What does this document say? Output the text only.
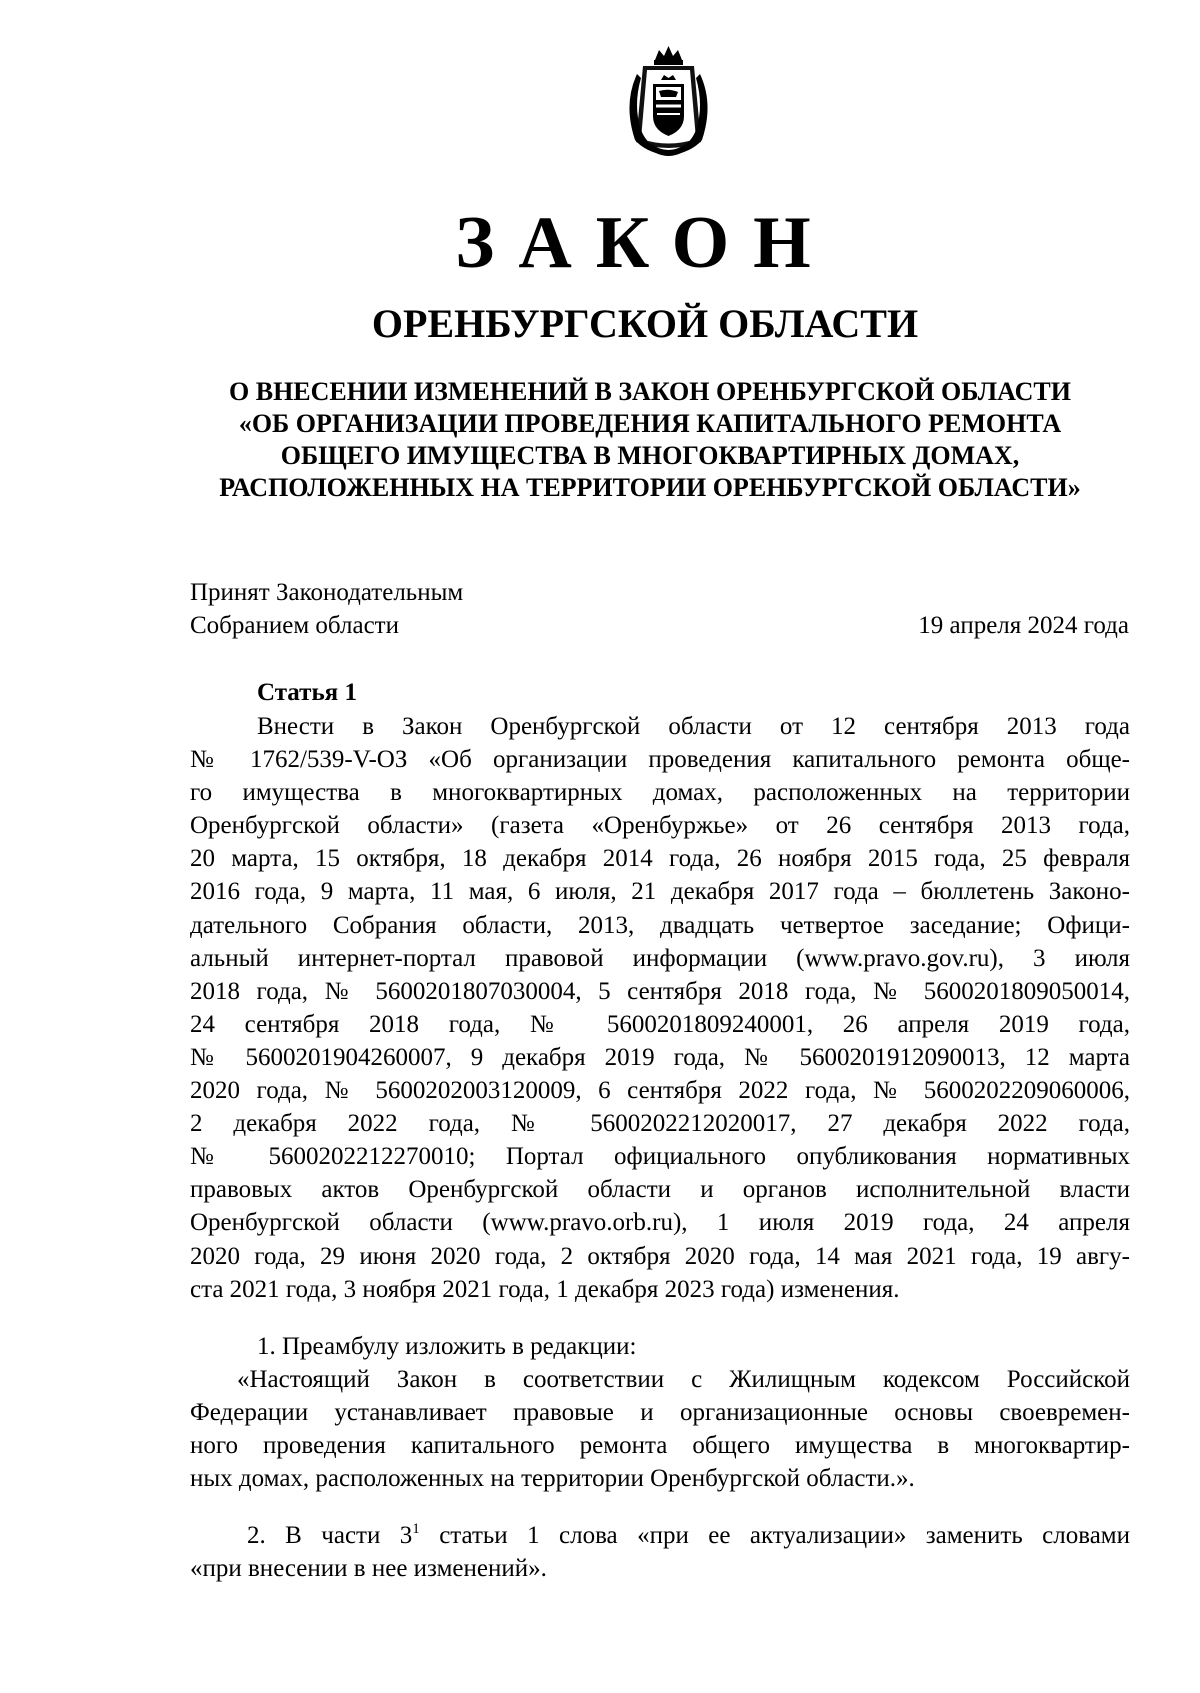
ЗАКОН
ОРЕНБУРГСКОЙ ОБЛАСТИ
О ВНЕСЕНИИ ИЗМЕНЕНИЙ В ЗАКОН ОРЕНБУРГСКОЙ ОБЛАСТИ
«ОБ ОРГАНИЗАЦИИ ПРОВЕДЕНИЯ КАПИТАЛЬНОГО РЕМОНТА
ОБЩЕГО ИМУЩЕСТВА В МНОГОКВАРТИРНЫХ ДОМАХ,
РАСПОЛОЖЕННЫХ НА ТЕРРИТОРИИ ОРЕНБУРГСКОЙ ОБЛАСТИ»
Принят Законодательным
Собранием области	19 апреля 2024 года
Статья 1
Внести в Закон Оренбургской области от 12 сентября 2013 года
№ 1762/539-V-ОЗ «Об организации проведения капитального ремонта обще-
го имущества в многоквартирных домах, расположенных на территории
Оренбургской области» (газета «Оренбуржье» от 26 сентября 2013 года,
20 марта, 15 октября, 18 декабря 2014 года, 26 ноября 2015 года, 25 февраля
2016 года, 9 марта, 11 мая, 6 июля, 21 декабря 2017 года – бюллетень Законо-
дательного Собрания области, 2013, двадцать четвертое заседание; Офици-
альный интернет-портал правовой информации (www.pravo.gov.ru), 3 июля
2018 года, № 5600201807030004, 5 сентября 2018 года, № 5600201809050014,
24 сентября 2018 года, № 5600201809240001, 26 апреля 2019 года,
№ 5600201904260007, 9 декабря 2019 года, № 5600201912090013, 12 марта
2020 года, № 5600202003120009, 6 сентября 2022 года, № 5600202209060006,
2 декабря 2022 года, № 5600202212020017, 27 декабря 2022 года,
№ 5600202212270010; Портал официального опубликования нормативных
правовых актов Оренбургской области и органов исполнительной власти
Оренбургской области (www.pravo.orb.ru), 1 июля 2019 года, 24 апреля
2020 года, 29 июня 2020 года, 2 октября 2020 года, 14 мая 2021 года, 19 авгу-
ста 2021 года, 3 ноября 2021 года, 1 декабря 2023 года) изменения.
1. Преамбулу изложить в редакции:
«Настоящий Закон в соответствии с Жилищным кодексом Российской
Федерации устанавливает правовые и организационные основы своевремен-
ного проведения капитального ремонта общего имущества в многоквартир-
ных домах, расположенных на территории Оренбургской области.».
2. В части $3^1$ статьи 1 слова «при ее актуализации» заменить словами
«при внесении в нее изменений».
